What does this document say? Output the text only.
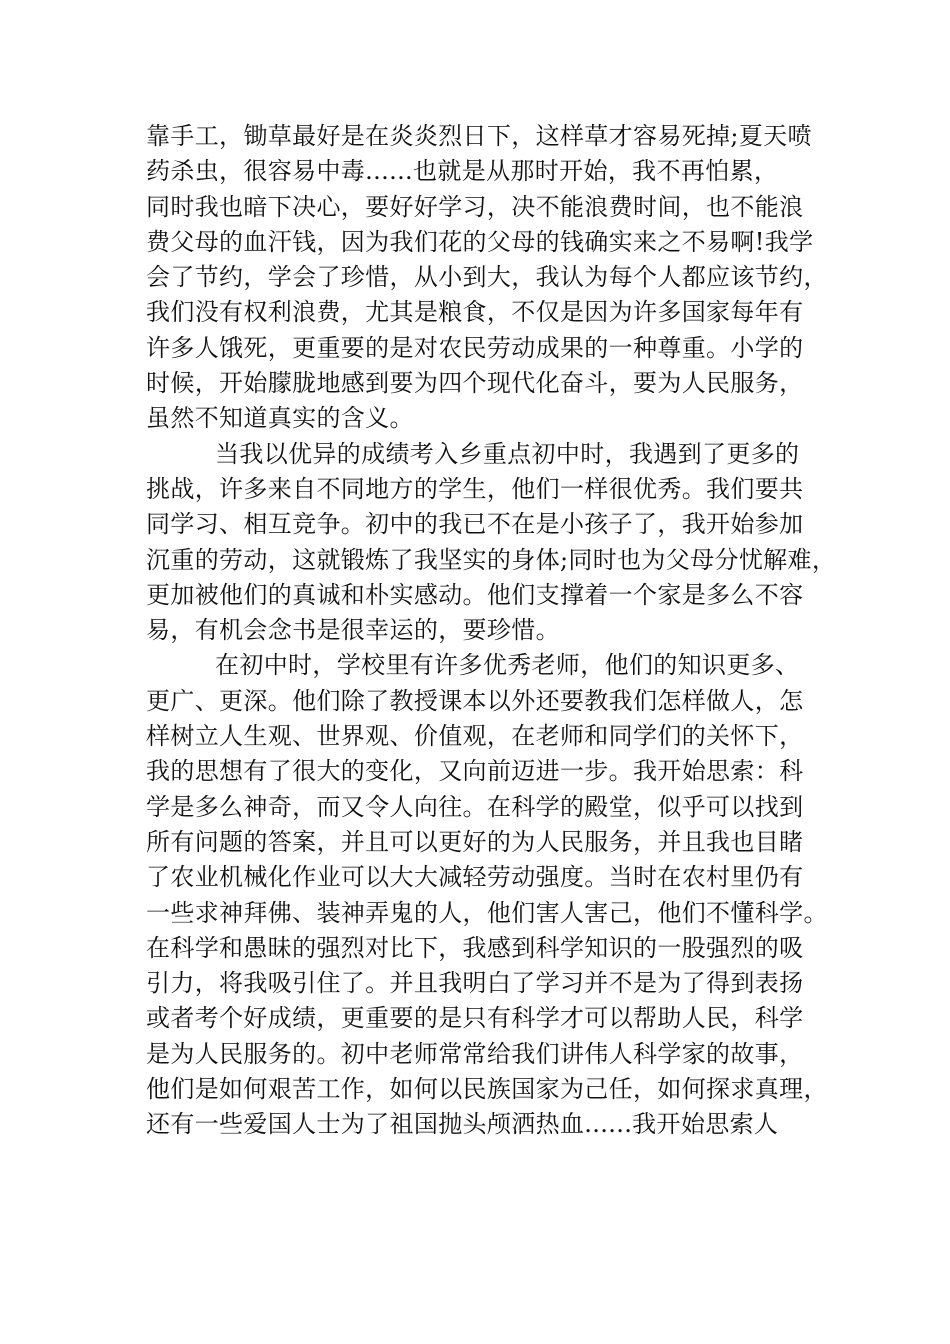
靠手工，锄草最好是在炎炎烈日下，这样草才容易死掉;夏天喷
药杀虫，很容易中毒......也就是从那时开始，我不再怕累，
同时我也暗下决心，要好好学习，决不能浪费时间，也不能浪
费父母的血汗钱，因为我们花的父母的钱确实来之不易啊!我学
会了节约，学会了珍惜，从小到大，我认为每个人都应该节约，
我们没有权利浪费，尤其是粮食，不仅是因为许多国家每年有
许多人饿死，更重要的是对农民劳动成果的一种尊重。小学的
时候，开始朦胧地感到要为四个现代化奋斗，要为人民服务，
虽然不知道真实的含义。
当我以优异的成绩考入乡重点初中时，我遇到了更多的
挑战，许多来自不同地方的学生，他们一样很优秀。我们要共
同学习、相互竞争。初中的我已不在是小孩子了，我开始参加
沉重的劳动，这就锻炼了我坚实的身体;同时也为父母分忧解难，
更加被他们的真诚和朴实感动。他们支撑着一个家是多么不容
易，有机会念书是很幸运的，要珍惜。
在初中时，学校里有许多优秀老师，他们的知识更多、
更广、更深。他们除了教授课本以外还要教我们怎样做人，怎
样树立人生观、世界观、价值观，在老师和同学们的关怀下，
我的思想有了很大的变化，又向前迈进一步。我开始思索：科
学是多么神奇，而又令人向往。在科学的殿堂，似乎可以找到
所有问题的答案，并且可以更好的为人民服务，并且我也目睹
了农业机械化作业可以大大减轻劳动强度。当时在农村里仍有
一些求神拜佛、装神弄鬼的人，他们害人害己，他们不懂科学。
在科学和愚昧的强烈对比下，我感到科学知识的一股强烈的吸
引力，将我吸引住了。并且我明白了学习并不是为了得到表扬
或者考个好成绩，更重要的是只有科学才可以帮助人民，科学
是为人民服务的。初中老师常常给我们讲伟人科学家的故事，
他们是如何艰苦工作，如何以民族国家为己任，如何探求真理，
还有一些爱国人士为了祖国抛头颅洒热血......我开始思索人
